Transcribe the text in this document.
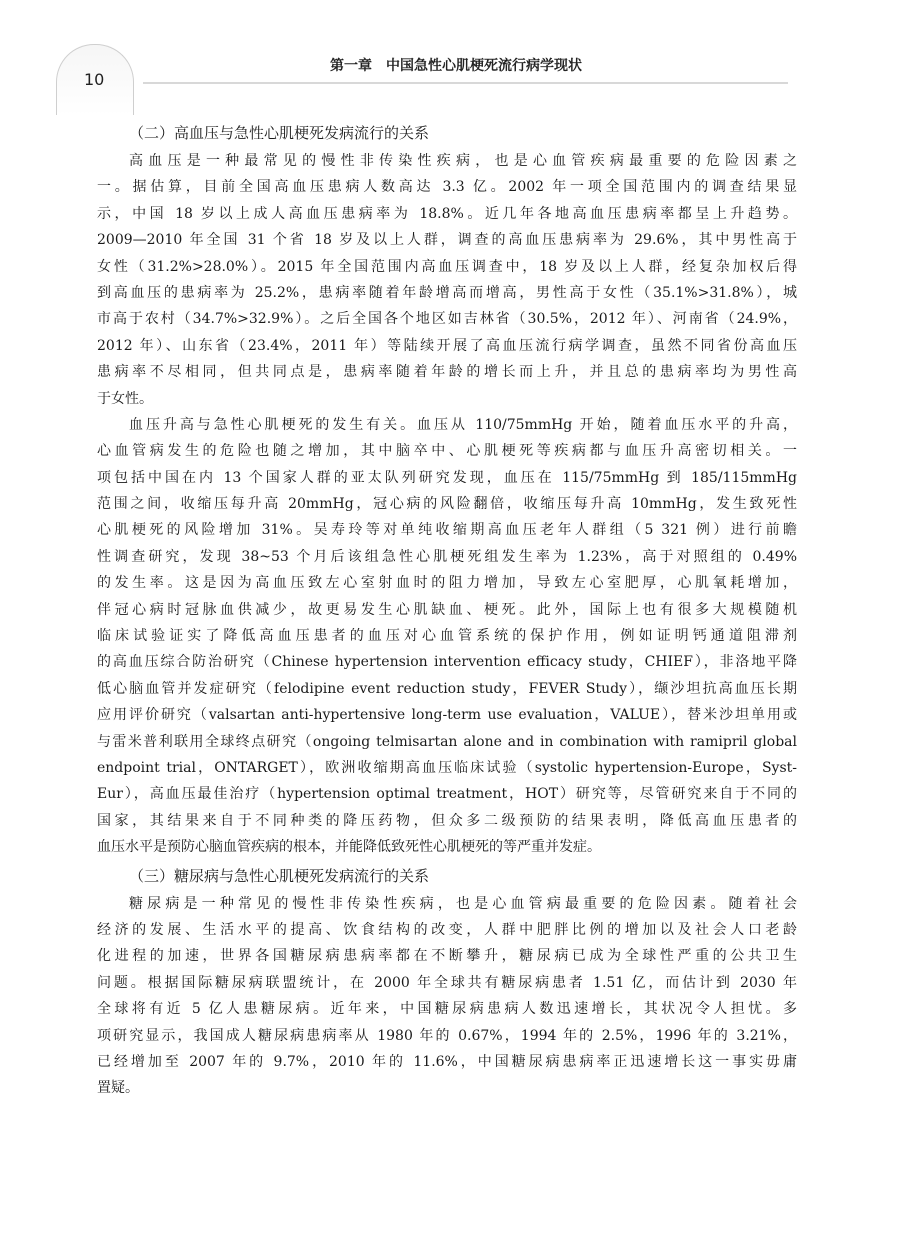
10
第一章　中国急性心肌梗死流行病学现状
（二）高血压与急性心肌梗死发病流行的关系
高血压是一种最常见的慢性非传染性疾病，也是心血管疾病最重要的危险因素之
一。据估算，目前全国高血压患病人数高达 3.3 亿。2002 年一项全国范围内的调查结果显
示，中国 18 岁以上成人高血压患病率为 18.8%。近几年各地高血压患病率都呈上升趋势。
2009—2010 年全国 31 个省 18 岁及以上人群，调查的高血压患病率为 29.6%，其中男性高于
女性（31.2%>28.0%）。2015 年全国范围内高血压调查中，18 岁及以上人群，经复杂加权后得
到高血压的患病率为 25.2%，患病率随着年龄增高而增高，男性高于女性（35.1%>31.8%），城
市高于农村（34.7%>32.9%）。之后全国各个地区如吉林省（30.5%，2012 年）、河南省（24.9%，
2012 年）、山东省（23.4%，2011 年）等陆续开展了高血压流行病学调查，虽然不同省份高血压
患病率不尽相同，但共同点是，患病率随着年龄的增长而上升，并且总的患病率均为男性高
于女性。
血压升高与急性心肌梗死的发生有关。血压从 110/75mmHg 开始，随着血压水平的升高，
心血管病发生的危险也随之增加，其中脑卒中、心肌梗死等疾病都与血压升高密切相关。一
项包括中国在内 13 个国家人群的亚太队列研究发现，血压在 115/75mmHg 到 185/115mmHg
范围之间，收缩压每升高 20mmHg，冠心病的风险翻倍，收缩压每升高 10mmHg，发生致死性
心肌梗死的风险增加 31%。吴寿玲等对单纯收缩期高血压老年人群组（5 321 例）进行前瞻
性调查研究，发现 38~53 个月后该组急性心肌梗死组发生率为 1.23%，高于对照组的 0.49%
的发生率。这是因为高血压致左心室射血时的阻力增加，导致左心室肥厚，心肌氧耗增加，
伴冠心病时冠脉血供减少，故更易发生心肌缺血、梗死。此外，国际上也有很多大规模随机
临床试验证实了降低高血压患者的血压对心血管系统的保护作用，例如证明钙通道阻滞剂
的高血压综合防治研究（Chinese hypertension intervention efficacy study，CHIEF），非洛地平降
低心脑血管并发症研究（felodipine event reduction study，FEVER Study），缬沙坦抗高血压长期
应用评价研究（valsartan anti-hypertensive long-term use evaluation，VALUE），替米沙坦单用或
与雷米普利联用全球终点研究（ongoing telmisartan alone and in combination with ramipril global
endpoint trial，ONTARGET），欧洲收缩期高血压临床试验（systolic hypertension-Europe，Syst-
Eur），高血压最佳治疗（hypertension optimal treatment，HOT）研究等，尽管研究来自于不同的
国家，其结果来自于不同种类的降压药物，但众多二级预防的结果表明，降低高血压患者的
血压水平是预防心脑血管疾病的根本，并能降低致死性心肌梗死的等严重并发症。
（三）糖尿病与急性心肌梗死发病流行的关系
糖尿病是一种常见的慢性非传染性疾病，也是心血管病最重要的危险因素。随着社会
经济的发展、生活水平的提高、饮食结构的改变，人群中肥胖比例的增加以及社会人口老龄
化进程的加速，世界各国糖尿病患病率都在不断攀升，糖尿病已成为全球性严重的公共卫生
问题。根据国际糖尿病联盟统计，在 2000 年全球共有糖尿病患者 1.51 亿，而估计到 2030 年
全球将有近 5 亿人患糖尿病。近年来，中国糖尿病患病人数迅速增长，其状况令人担忧。多
项研究显示，我国成人糖尿病患病率从 1980 年的 0.67%，1994 年的 2.5%，1996 年的 3.21%，
已经增加至 2007 年的 9.7%，2010 年的 11.6%，中国糖尿病患病率正迅速增长这一事实毋庸
置疑。
